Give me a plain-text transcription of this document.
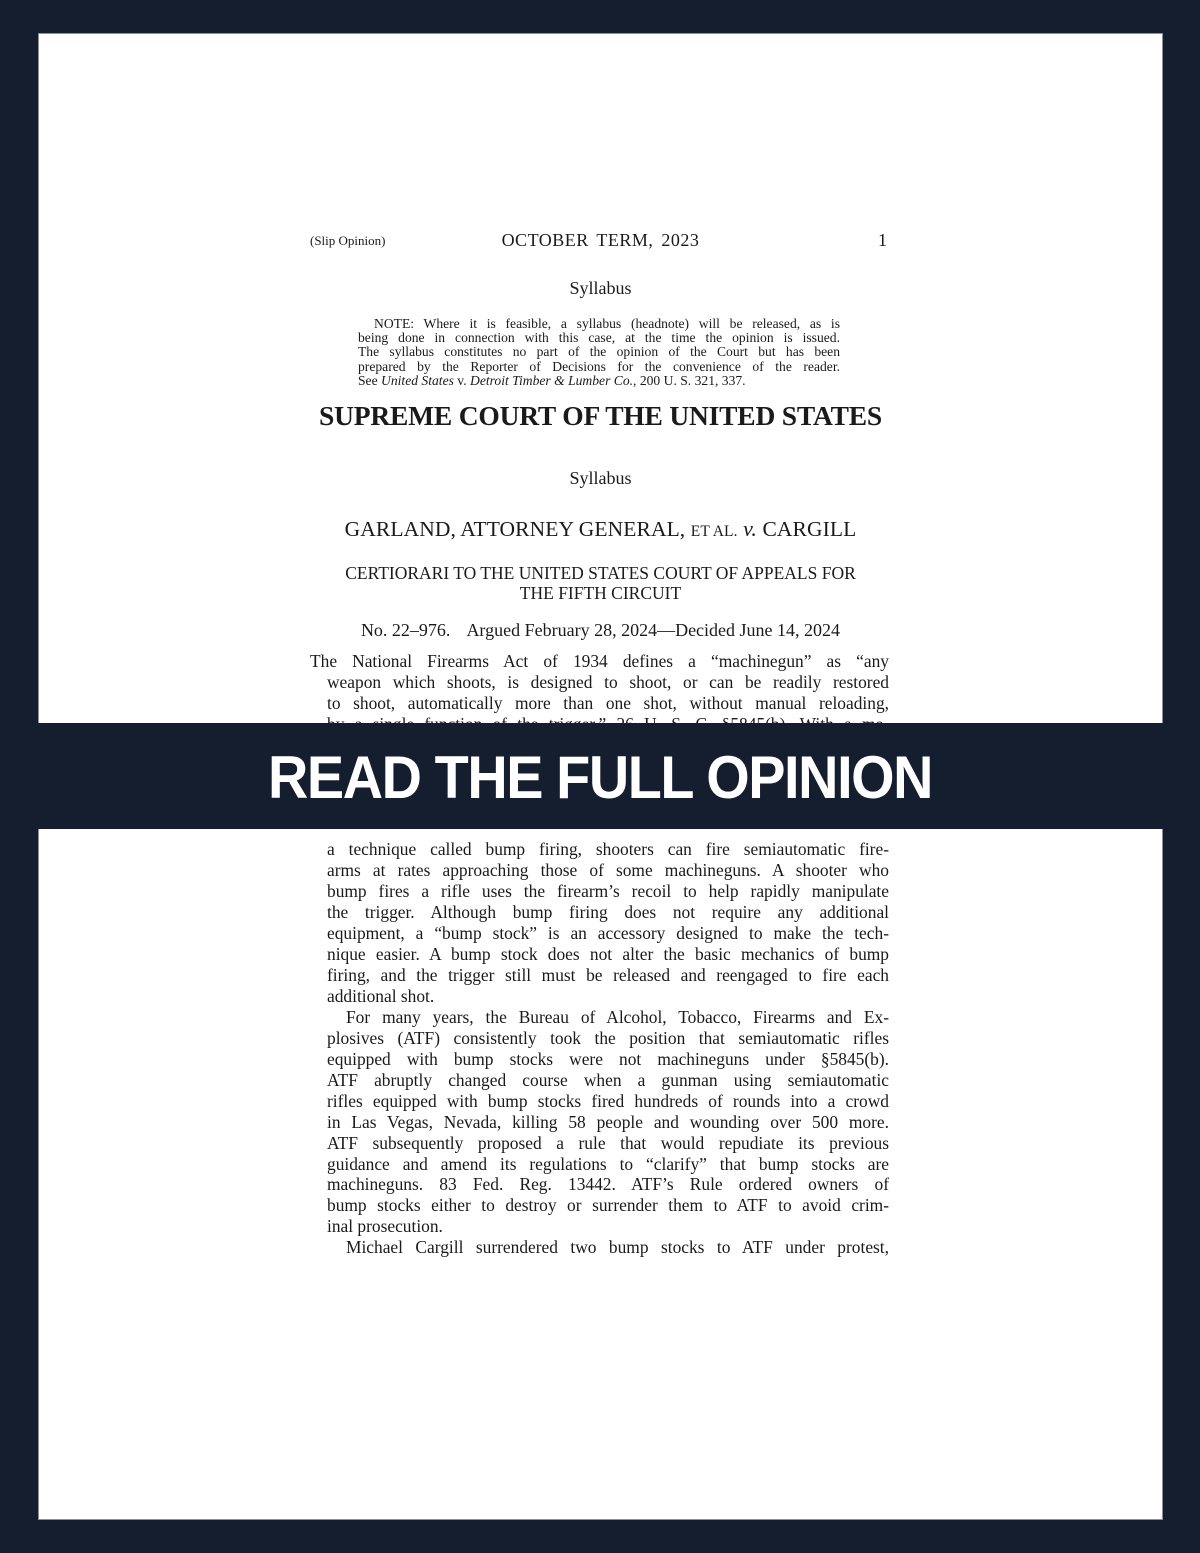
(Slip Opinion)	OCTOBER TERM, 2023	1
Syllabus
NOTE: Where it is feasible, a syllabus (headnote) will be released, as is
being done in connection with this case, at the time the opinion is issued.
The syllabus constitutes no part of the opinion of the Court but has been
prepared by the Reporter of Decisions for the convenience of the reader.
See United States v. Detroit Timber & Lumber Co., 200 U. S. 321, 337.
SUPREME COURT OF THE UNITED STATES
Syllabus
GARLAND, ATTORNEY GENERAL, ET AL. v. CARGILL
CERTIORARI TO THE UNITED STATES COURT OF APPEALS FOR
THE FIFTH CIRCUIT
No. 22–976. Argued February 28, 2024—Decided June 14, 2024
The National Firearms Act of 1934 defines a “machinegun” as “any
weapon which shoots, is designed to shoot, or can be readily restored
to shoot, automatically more than one shot, without manual reloading,
a technique called bump firing, shooters can fire semiautomatic fire-
arms at rates approaching those of some machineguns. A shooter who
bump fires a rifle uses the firearm’s recoil to help rapidly manipulate
the trigger. Although bump firing does not require any additional
equipment, a “bump stock” is an accessory designed to make the tech-
nique easier. A bump stock does not alter the basic mechanics of bump
firing, and the trigger still must be released and reengaged to fire each
additional shot.
For many years, the Bureau of Alcohol, Tobacco, Firearms and Ex-
plosives (ATF) consistently took the position that semiautomatic rifles
equipped with bump stocks were not machineguns under §5845(b).
ATF abruptly changed course when a gunman using semiautomatic
rifles equipped with bump stocks fired hundreds of rounds into a crowd
in Las Vegas, Nevada, killing 58 people and wounding over 500 more.
ATF subsequently proposed a rule that would repudiate its previous
guidance and amend its regulations to “clarify” that bump stocks are
machineguns. 83 Fed. Reg. 13442. ATF’s Rule ordered owners of
bump stocks either to destroy or surrender them to ATF to avoid crim-
inal prosecution.
Michael Cargill surrendered two bump stocks to ATF under protest,
READ THE FULL OPINION
